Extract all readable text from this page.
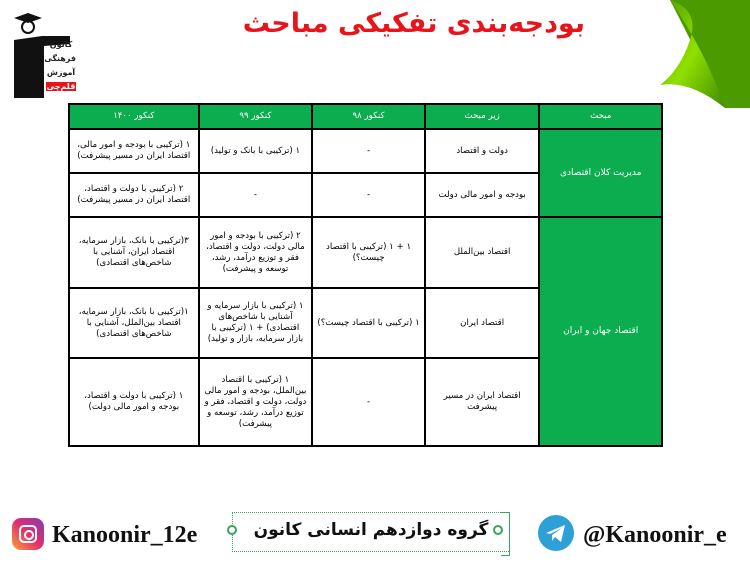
کانون
فرهنگی
آموزش
قلم‌چی
بودجه‌بندی تفکیکی مباحث
مبحث	زیر مبحث	کنکور ۹۸	کنکور ۹۹	کنکور ۱۴۰۰
مدیریت کلان اقتصادی	دولت و اقتصاد	-	۱ (ترکیبی با بانک و تولید)	۱ (ترکیبی با بودجه و امور مالی، اقتصاد ایران در مسیر پیشرفت)
	بودجه و امور مالی دولت	-	-	۲ (ترکیبی با دولت و اقتصاد، اقتصاد ایران در مسیر پیشرفت)
اقتصاد جهان و ایران	اقتصاد بین‌الملل	۱ + ۱ (ترکیبی با اقتصاد چیست؟)	۲ (ترکیبی با بودجه و امور مالی دولت، دولت و اقتصاد، فقر و توزیع درآمد، رشد، توسعه و پیشرفت)	۳(ترکیبی با بانک، بازار سرمایه، اقتصاد ایران، آشنایی با شاخص‌های اقتصادی)
	اقتصاد ایران	۱ (ترکیبی با اقتصاد چیست؟)	۱ (ترکیبی با بازار سرمایه و آشنایی با شاخص‌های اقتصادی) + ۱ (ترکیبی با بازار سرمایه، بازار و تولید)	۱(ترکیبی با بانک، بازار سرمایه، اقتصاد بین‌الملل، آشنایی با شاخص‌های اقتصادی)
	اقتصاد ایران در مسیر پیشرفت	-	۱ (ترکیبی با اقتصاد بین‌الملل، بودجه و امور مالی دولت، دولت و اقتصاد، فقر و توزیع درآمد، رشد، توسعه و پیشرفت)	۱ (ترکیبی با دولت و اقتصاد، بودجه و امور مالی دولت)
Kanoonir_12e	گروه دوازدهم انسانی کانون	@Kanoonir_e
